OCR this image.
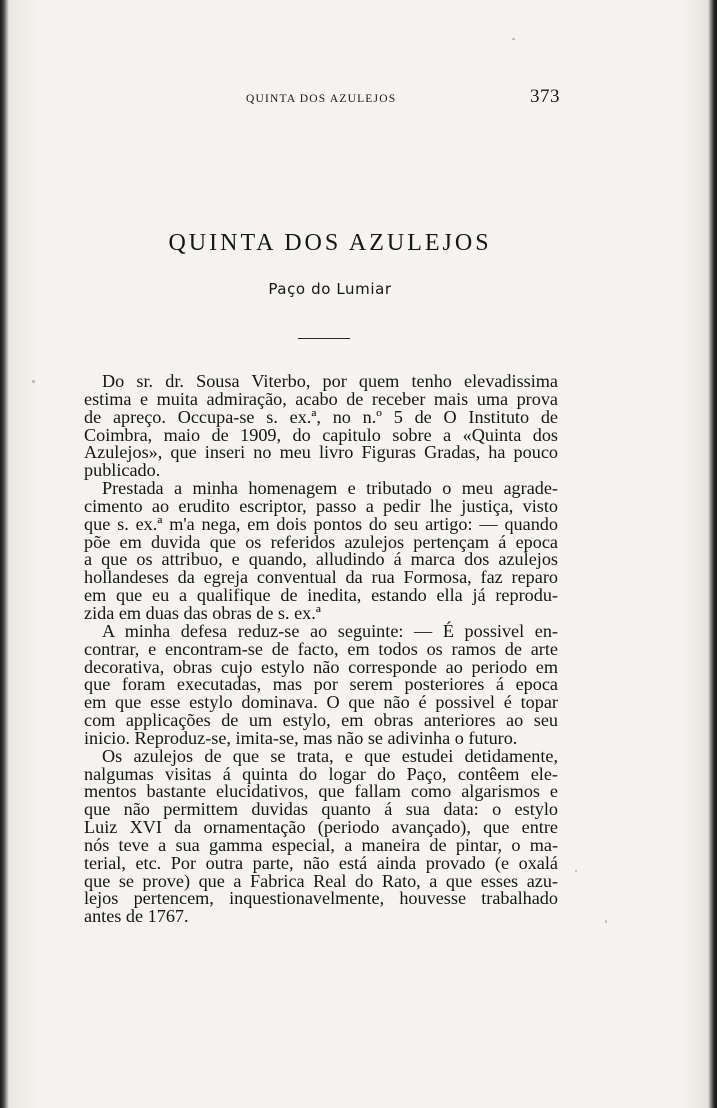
QUINTA DOS AZULEJOS	373
QUINTA DOS AZULEJOS
Paço do Lumiar

Do sr. dr. Sousa Viterbo, por quem tenho elevadissima
estima e muita admiração, acabo de receber mais uma prova
de apreço. Occupa-se s. ex.ª, no n.º 5 de O Instituto de
Coimbra, maio de 1909, do capitulo sobre a «Quinta dos
Azulejos», que inseri no meu livro Figuras Gradas, ha pouco
publicado.

Prestada a minha homenagem e tributado o meu agrade-
cimento ao erudito escriptor, passo a pedir lhe justiça, visto
que s. ex.ª m'a nega, em dois pontos do seu artigo: — quando
põe em duvida que os referidos azulejos pertençam á epoca
a que os attribuo, e quando, alludindo á marca dos azulejos
hollandeses da egreja conventual da rua Formosa, faz reparo
em que eu a qualifique de inedita, estando ella já reprodu-
zida em duas das obras de s. ex.ª

A minha defesa reduz-se ao seguinte: — É possivel en-
contrar, e encontram-se de facto, em todos os ramos de arte
decorativa, obras cujo estylo não corresponde ao periodo em
que foram executadas, mas por serem posteriores á epoca
em que esse estylo dominava. O que não é possivel é topar
com applicações de um estylo, em obras anteriores ao seu
inicio. Reproduz-se, imita-se, mas não se adivinha o futuro.

Os azulejos de que se trata, e que estudei detidamente,
nalgumas visitas á quinta do logar do Paço, contêem ele-
mentos bastante elucidativos, que fallam como algarismos e
que não permittem duvidas quanto á sua data: o estylo
Luiz XVI da ornamentação (periodo avançado), que entre
nós teve a sua gamma especial, a maneira de pintar, o ma-
terial, etc. Por outra parte, não está ainda provado (e oxalá
que se prove) que a Fabrica Real do Rato, a que esses azu-
lejos pertencem, inquestionavelmente, houvesse trabalhado
antes de 1767.
